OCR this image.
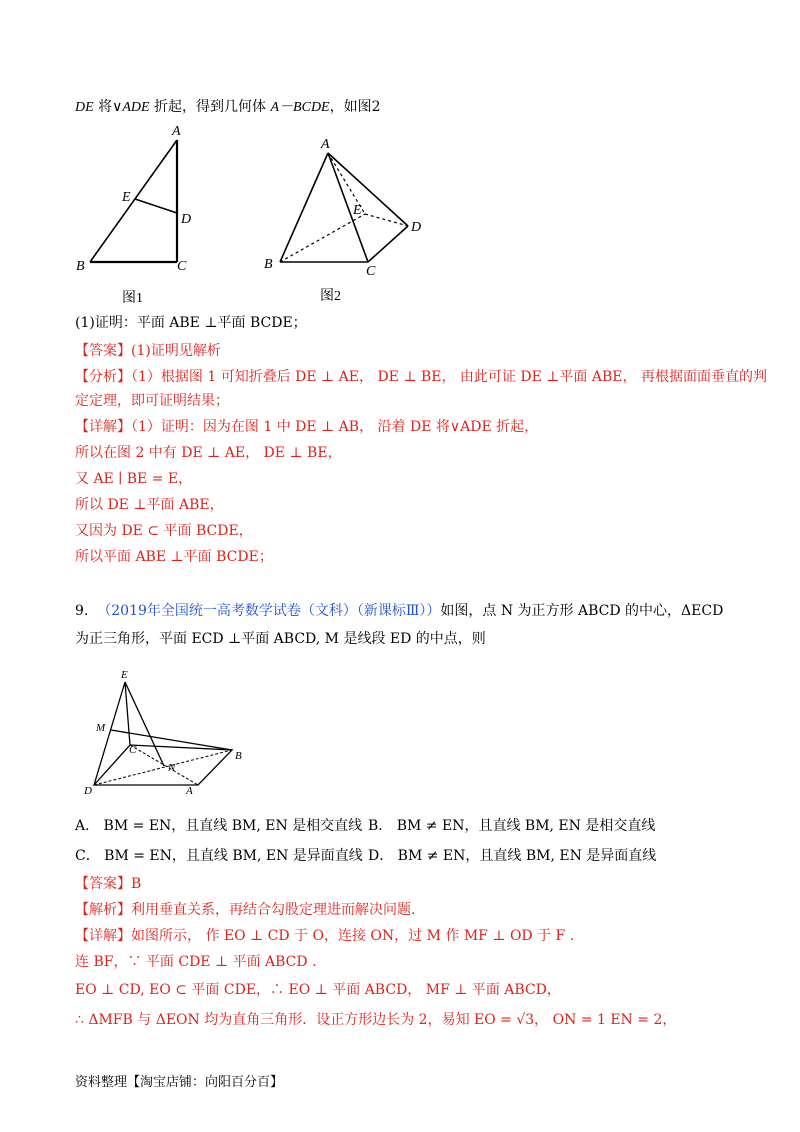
DE 将∨ADE 折起，得到几何体 A－BCDE，如图2
A
E
D
B	C
图1
A
E
D
B	C
图2
(1)证明：平面 ABE ⊥平面 BCDE；
【答案】(1)证明见解析
【分析】（1）根据图 1 可知折叠后 DE ⊥ AE， DE ⊥ BE， 由此可证 DE ⊥平面 ABE， 再根据面面垂直的判
定定理，即可证明结果；
【详解】（1）证明：因为在图 1 中 DE ⊥ AB， 沿着 DE 将∨ADE 折起，
所以在图 2 中有 DE ⊥ AE， DE ⊥ BE，
又 AE ∣ BE = E，
所以 DE ⊥平面 ABE，
又因为 DE ⊂ 平面 BCDE，
所以平面 ABE ⊥平面 BCDE；
9. （2019年全国统一高考数学试卷（文科）（新课标Ⅲ））如图，点 N 为正方形 ABCD 的中心，ΔECD
为正三角形，平面 ECD ⊥平面 ABCD, M 是线段 ED 的中点，则
E
M
C
N
B
D	A
A． BM = EN，且直线 BM, EN 是相交直线 B． BM ≠ EN，且直线 BM, EN 是相交直线
C． BM = EN，且直线 BM, EN 是异面直线 D． BM ≠ EN，且直线 BM, EN 是异面直线
【答案】B
【解析】利用垂直关系，再结合勾股定理进而解决问题.
【详解】如图所示， 作 EO ⊥ CD 于 O，连接 ON，过 M 作 MF ⊥ OD 于 F .
连 BF，∵ 平面 CDE ⊥ 平面 ABCD .
EO ⊥ CD, EO ⊂ 平面 CDE，∴ EO ⊥ 平面 ABCD， MF ⊥ 平面 ABCD，
∴ ΔMFB 与 ΔEON 均为直角三角形．设正方形边长为 2，易知 EO = √3， ON = 1 EN = 2，
资料整理【淘宝店铺：向阳百分百】
